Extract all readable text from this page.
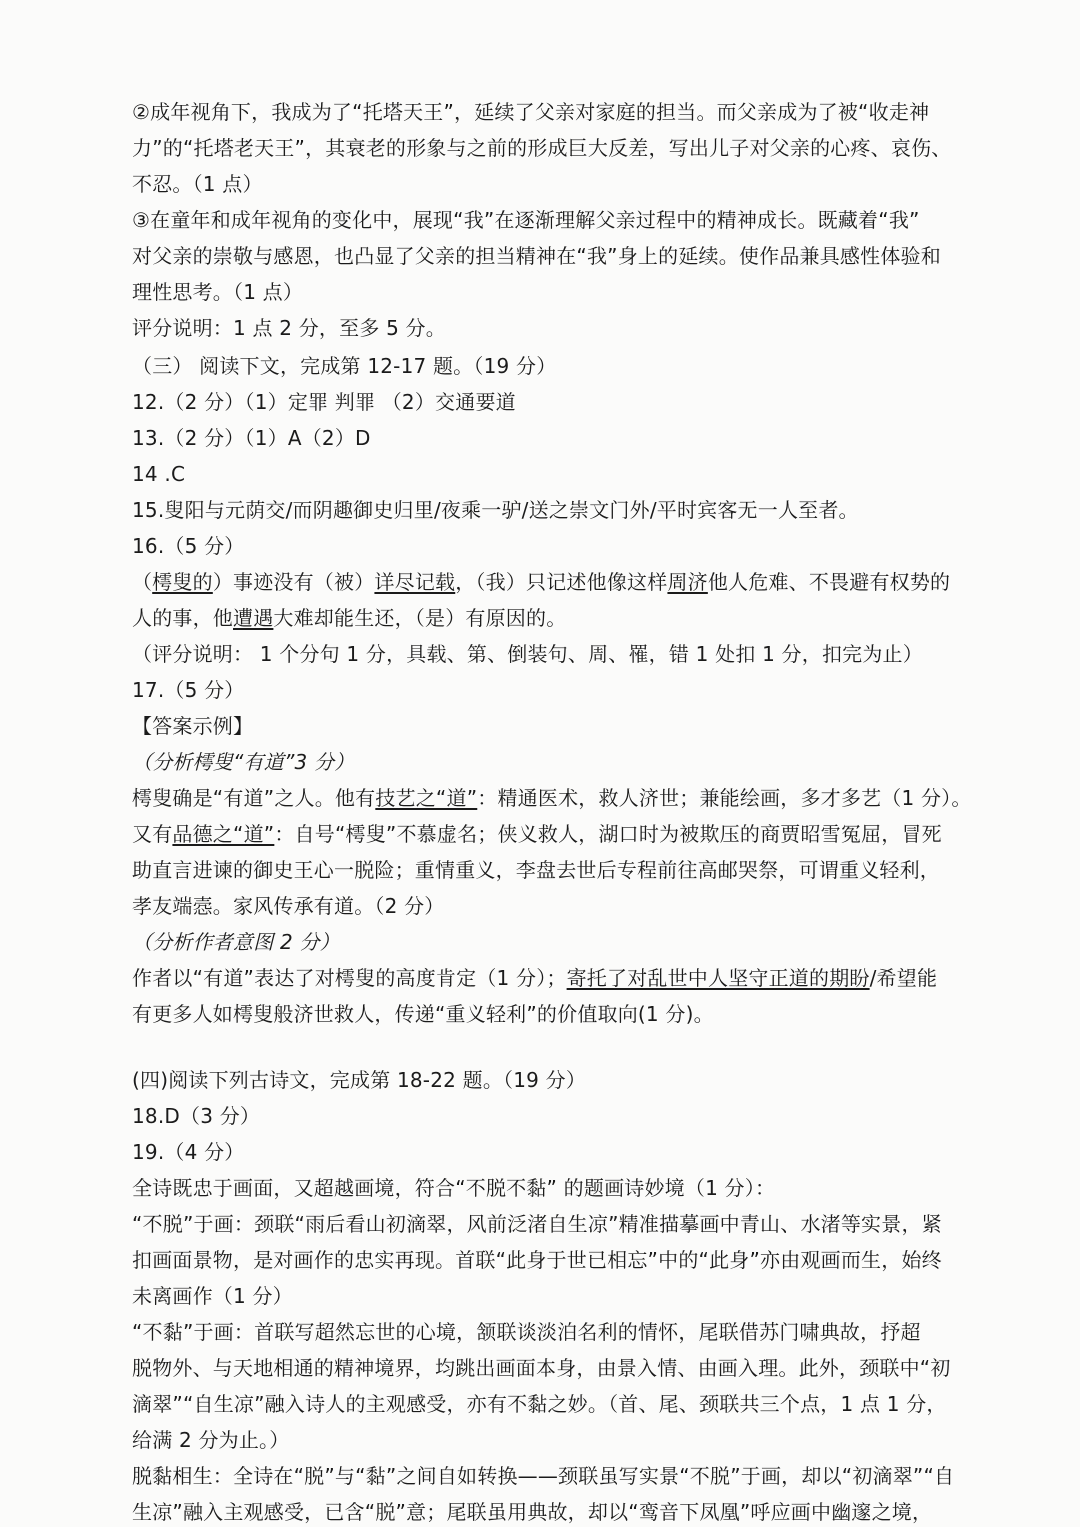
②成年视角下，我成为了“托塔天王”，延续了父亲对家庭的担当。而父亲成为了被“收走神
力”的“托塔老天王”，其衰老的形象与之前的形成巨大反差，写出儿子对父亲的心疼、哀伤、
不忍。（1 点）
③在童年和成年视角的变化中，展现“我”在逐渐理解父亲过程中的精神成长。既藏着“我”
对父亲的崇敬与感恩，也凸显了父亲的担当精神在“我”身上的延续。使作品兼具感性体验和
理性思考。（1 点）
评分说明：1 点 2 分，至多 5 分。
（三） 阅读下文，完成第 12-17 题。（19 分）
12.（2 分）（1）定罪 判罪 （2）交通要道
13.（2 分）（1）A（2）D
14 .C
15.叟阳与元荫交/而阴趣御史归里/夜乘一驴/送之崇文门外/平时宾客无一人至者。
16.（5 分）
（樗叟的）事迹没有（被）详尽记载，（我）只记述他像这样周济他人危难、不畏避有权势的
人的事，他遭遇大难却能生还，（是）有原因的。
（评分说明： 1 个分句 1 分，具载、第、倒装句、周、罹，错 1 处扣 1 分，扣完为止）
17.（5 分）
【答案示例】
（分析樗叟“有道”3 分）
樗叟确是“有道”之人。他有技艺之“道”：精通医术，救人济世；兼能绘画，多才多艺（1 分）。
又有品德之“道”：自号“樗叟”不慕虚名；侠义救人，湖口时为被欺压的商贾昭雪冤屈，冒死
助直言进谏的御史王心一脱险；重情重义，李盘去世后专程前往高邮哭祭，可谓重义轻利，
孝友端悫。家风传承有道。（2 分）
（分析作者意图 2 分）
作者以“有道”表达了对樗叟的高度肯定（1 分）；寄托了对乱世中人坚守正道的期盼/希望能
有更多人如樗叟般济世救人，传递“重义轻利”的价值取向(1 分)。
(四)阅读下列古诗文，完成第 18-22 题。（19 分）
18.D（3 分）
19.（4 分）
全诗既忠于画面，又超越画境，符合“不脱不黏” 的题画诗妙境（1 分）：
“不脱”于画：颈联“雨后看山初滴翠，风前泛渚自生凉”精准描摹画中青山、水渚等实景，紧
扣画面景物，是对画作的忠实再现。首联“此身于世已相忘”中的“此身”亦由观画而生，始终
未离画作（1 分）
“不黏”于画：首联写超然忘世的心境，颔联谈淡泊名利的情怀，尾联借苏门啸典故，抒超
脱物外、与天地相通的精神境界，均跳出画面本身，由景入情、由画入理。此外，颈联中“初
滴翠”“自生凉”融入诗人的主观感受，亦有不黏之妙。（首、尾、颈联共三个点，1 点 1 分，
给满 2 分为止。）
脱黏相生：全诗在“脱”与“黏”之间自如转换——颈联虽写实景“不脱”于画，却以“初滴翠”“自
生凉”融入主观感受，已含“脱”意；尾联虽用典故，却以“鸾音下凤凰”呼应画中幽邃之境，
